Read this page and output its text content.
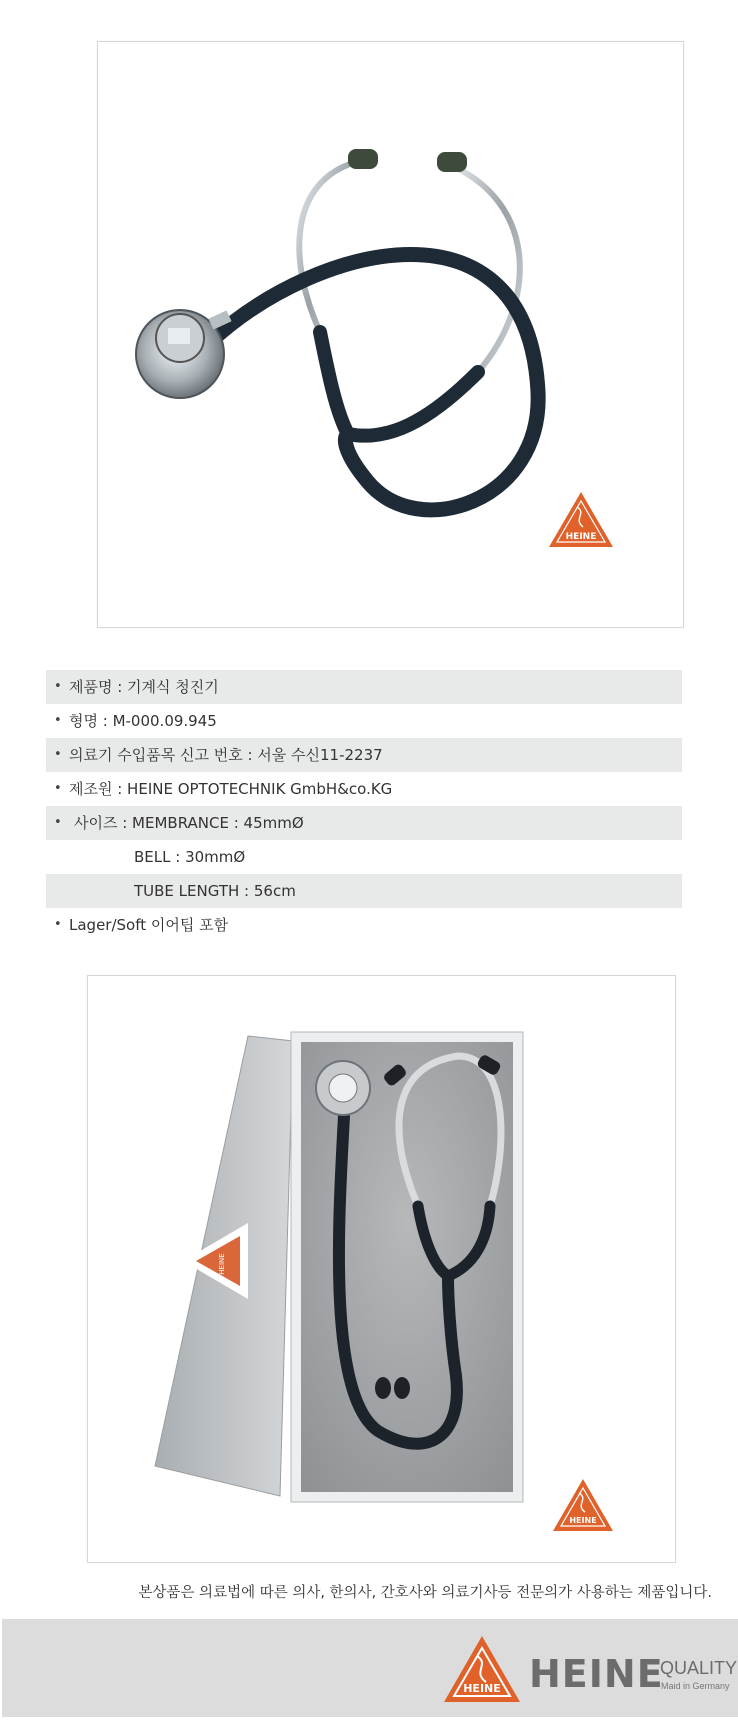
HEINE
• 제품명 : 기계식 청진기
• 형명 : M-000.09.945
• 의료기 수입품목 신고 번호 : 서울 수신11-2237
• 제조원 : HEINE OPTOTECHNIK GmbH&co.KG
• 사이즈 : MEMBRANCE : 45mmØ
BELL : 30mmØ
TUBE LENGTH : 56cm
• Lager/Soft 이어팁 포함
HEINE
HEINE
본상품은 의료법에 따른 의사, 한의사, 간호사와 의료기사등 전문의가 사용하는 제품입니다.
HEINE HEINE
QUALITY
Maid in Germany
